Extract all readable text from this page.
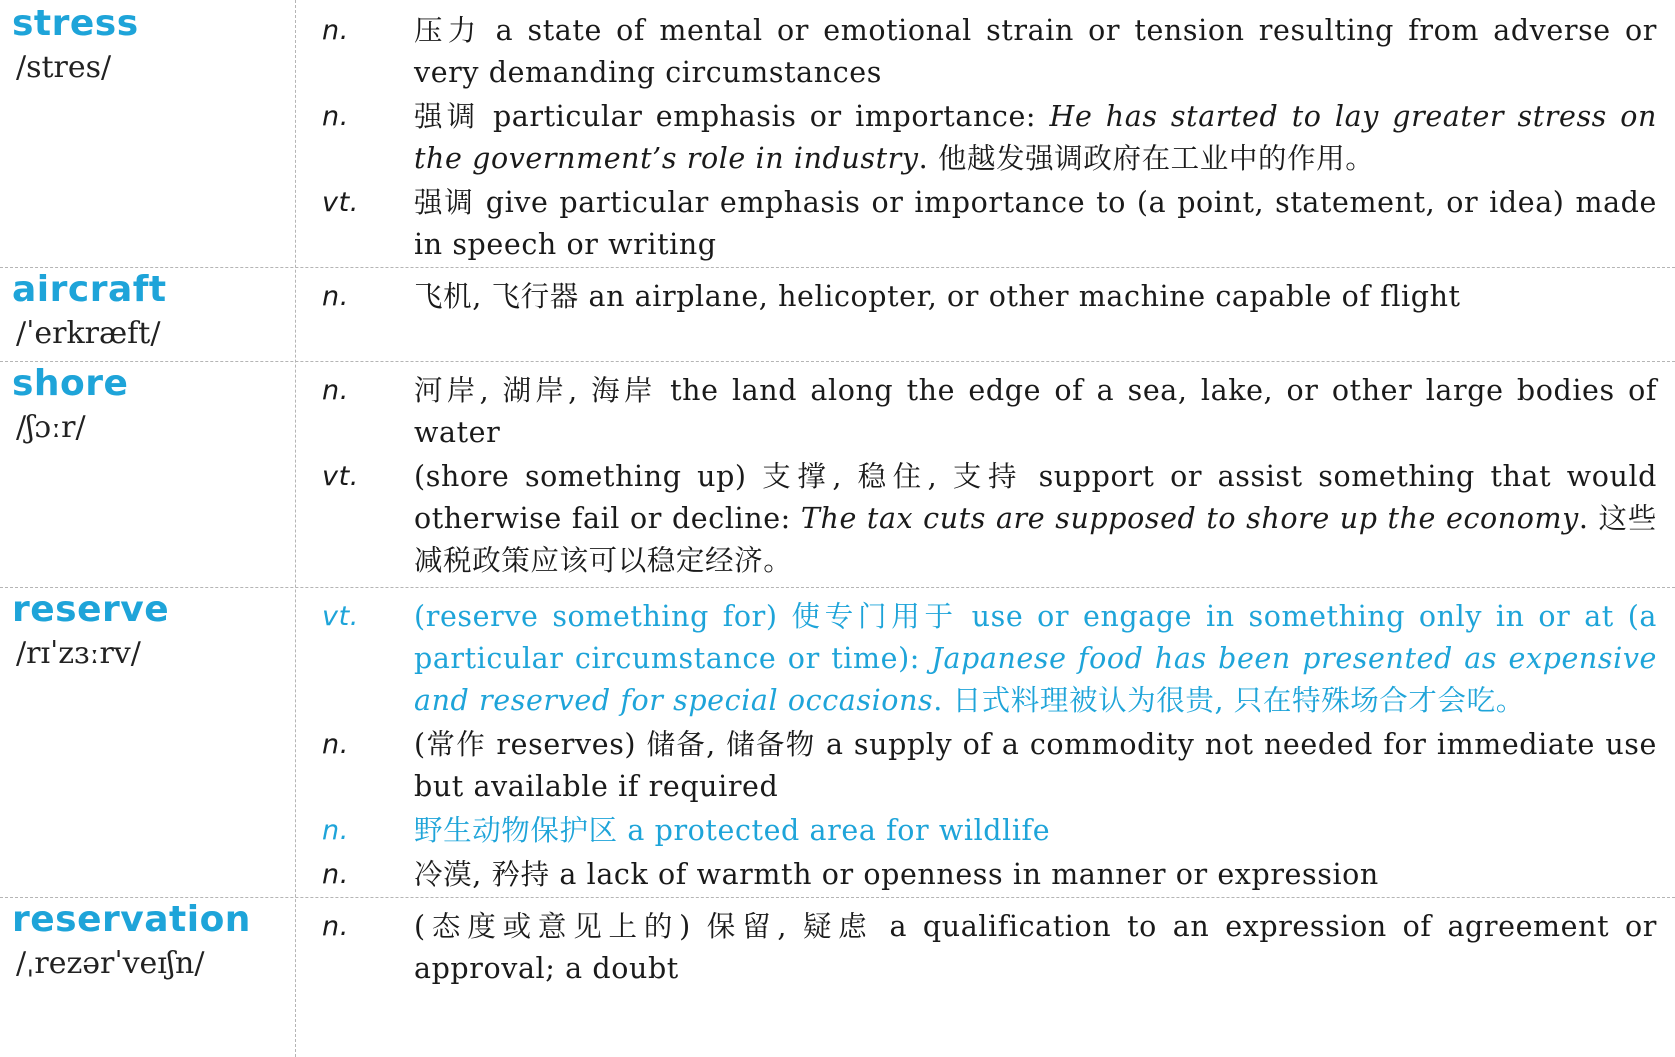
stress
/stres/
n. 压力 a state of mental or emotional strain or tension resulting from adverse or very demanding circumstances
n. 强调 particular emphasis or importance: He has started to lay greater stress on the government’s role in industry. 他越发强调政府在工业中的作用。
vt. 强调 give particular emphasis or importance to (a point, statement, or idea) made in speech or writing
aircraft
/ˈerkræft/
n. 飞机, 飞行器 an airplane, helicopter, or other machine capable of flight
shore
/ʃɔːr/
n. 河岸, 湖岸, 海岸 the land along the edge of a sea, lake, or other large bodies of water
vt. (shore something up) 支撑, 稳住, 支持 support or assist something that would otherwise fail or decline: The tax cuts are supposed to shore up the economy. 这些减税政策应该可以稳定经济。
reserve
/rɪˈzɜːrv/
vt. (reserve something for) 使专门用于 use or engage in something only in or at (a particular circumstance or time): Japanese food has been presented as expensive and reserved for special occasions. 日式料理被认为很贵, 只在特殊场合才会吃。
n. (常作 reserves) 储备, 储备物 a supply of a commodity not needed for immediate use but available if required
n. 野生动物保护区 a protected area for wildlife
n. 冷漠, 矜持 a lack of warmth or openness in manner or expression
reservation
/ˌrezərˈveɪʃn/
n. (态度或意见上的) 保留, 疑虑 a qualification to an expression of agreement or approval; a doubt
